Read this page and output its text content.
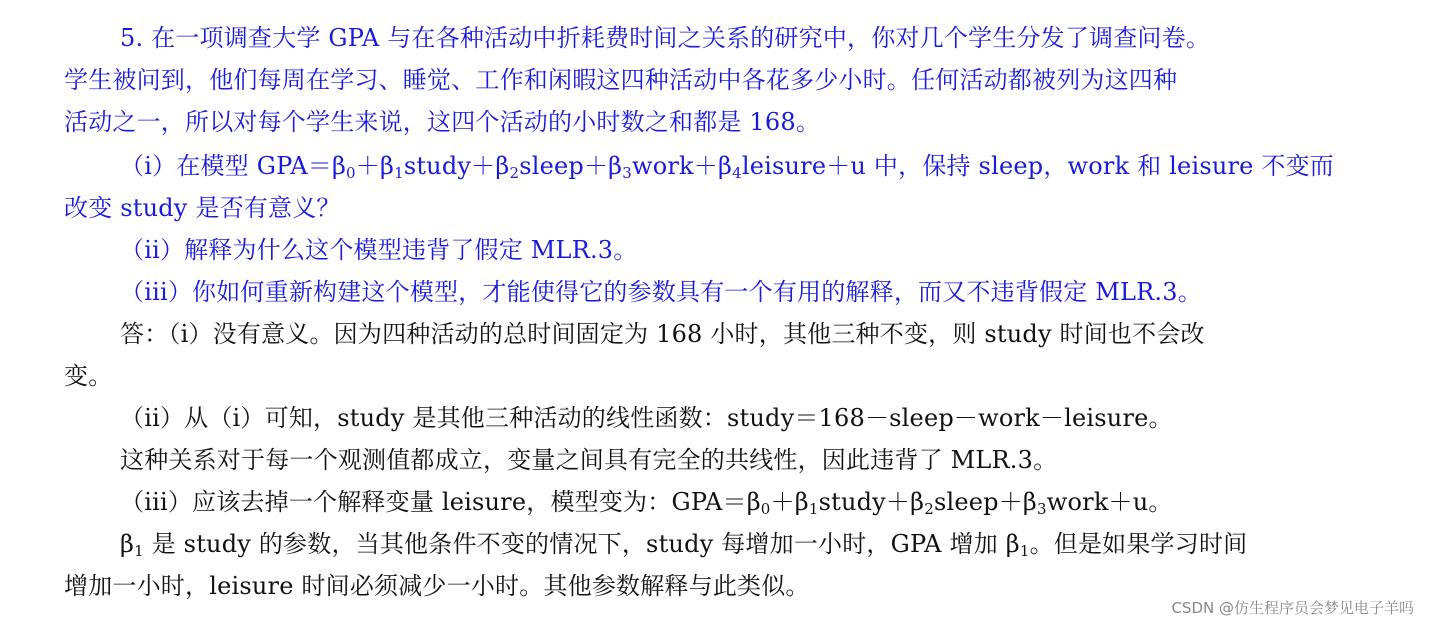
5. 在一项调查大学 GPA 与在各种活动中折耗费时间之关系的研究中，你对几个学生分发了调查问卷。
学生被问到，他们每周在学习、睡觉、工作和闲暇这四种活动中各花多少小时。任何活动都被列为这四种
活动之一，所以对每个学生来说，这四个活动的小时数之和都是 168。
（i）在模型 $GPA=\beta_0+\beta_1study+\beta_2sleep+\beta_3work+\beta_4leisure+u$ 中，保持 sleep，work 和 leisure 不变而
改变 study 是否有意义？
（ii）解释为什么这个模型违背了假定 MLR.3。
（iii）你如何重新构建这个模型，才能使得它的参数具有一个有用的解释，而又不违背假定 MLR.3。
答：（i）没有意义。因为四种活动的总时间固定为 168 小时，其他三种不变，则 study 时间也不会改
变。
（ii）从（i）可知，study 是其他三种活动的线性函数：study＝168－sleep－work－leisure。
这种关系对于每一个观测值都成立，变量之间具有完全的共线性，因此违背了 MLR.3。
（iii）应该去掉一个解释变量 leisure，模型变为：$GPA=\beta_0+\beta_1study+\beta_2sleep+\beta_3work+u$。
$\beta_1$ 是 study 的参数，当其他条件不变的情况下，study 每增加一小时，GPA 增加 $\beta_1$。但是如果学习时间
增加一小时，leisure 时间必须减少一小时。其他参数解释与此类似。
CSDN @仿生程序员会梦见电子羊吗
